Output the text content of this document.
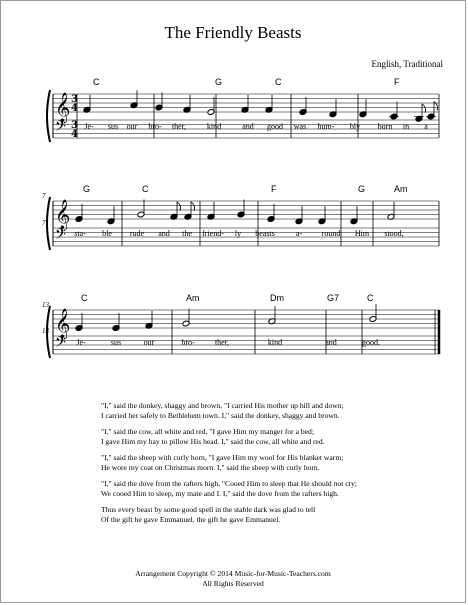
The Friendly Beasts
English, Traditional
𝄞
𝄢
3
4
3
4
C	G	C	F
Je- sus our bro- ther,	kind	and good was hum- bly born in a
𝄞
𝄢
G	C	F	G	Am
sta- ble rude and the friend- ly beasts	a- round Him stood,
7
7
𝄞
𝄢
C	Am	Dm	G7	C
Je-	sus	our	bro-	ther,	kind	and	good.
13
13
"I," said the donkey, shaggy and brown, "I carried His mother up hill and down;
I carried her safely to Bethlehem town. I," said the donkey, shaggy and brown.
"I," said the cow, all white and red, "I gave Him my manger for a bed;
I gave Him my hay to pillow His head. I," said the cow, all white and red.
"I," said the sheep with curly horn, "I gave Him my wool for His blanket warm;
He wore my coat on Christmas morn. I," said the sheep with curly horn.
"I," said the dove from the rafters high, "Cooed Him to sleep that He should not cry;
We cooed Him to sleep, my mate and I. I," said the dove from the rafters high.
Thus every beast by some good spell in the stable dark was glad to tell
Of the gift he gave Emmanuel, the gift he gave Emmanuel.
Arrangement Copyright © 2014 Music-for-Music-Teachers.com
All Rights Reserved
